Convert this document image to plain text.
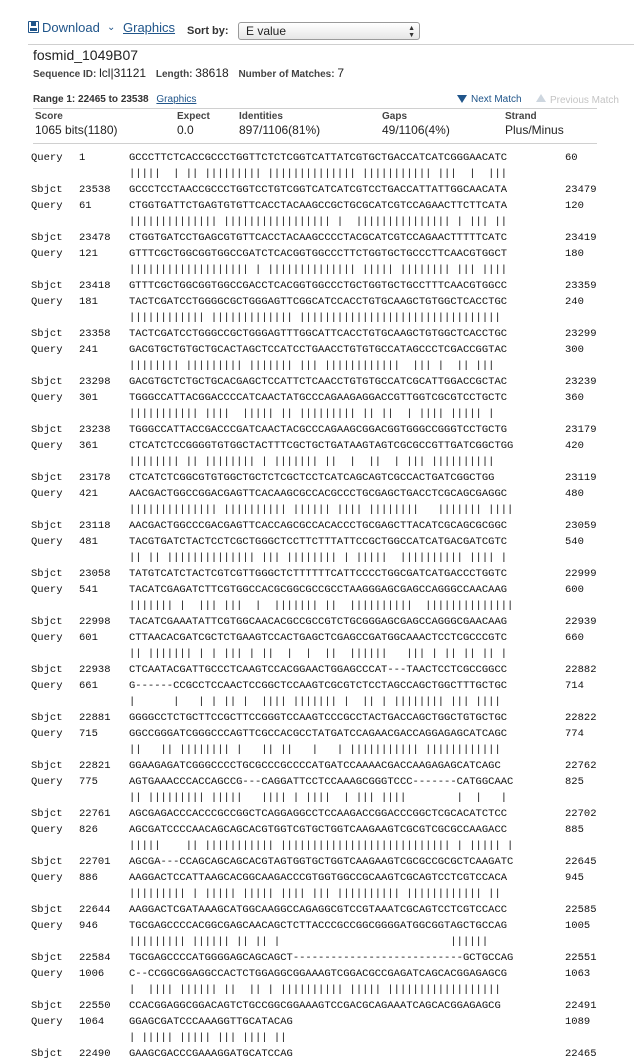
Download ⌄ Graphics Sort by:	E value	▲
▼
fosmid_1049B07
Sequence ID: lcl|31121 Length: 38618 Number of Matches: 7
Range 1: 22465 to 23538 Graphics	Next Match	Previous Match
Score
1065 bits(1180)
Expect
0.0
Identities
897/1106(81%)
Gaps
49/1106(4%)
Strand
Plus/Minus
Query	1	GCCCTTCTCACCGCCCTGGTTCTCTCGGTCATTATCGTGCTGACCATCATCGGGAACATC	60
|||||  | || ||||||||| |||||||||||||| ||||||||||| |||  |  |||
Sbjct	23538	GCCCTCCTAACCGCCCTGGTCCTGTCGGTCATCATCGTCCTGACCATTATTGGCAACATA	23479
Query	61	CTGGTGATTCTGAGTGTGTTCACCTACAAGCCGCTGCGCATCGTCCAGAACTTCTTCATA	120
|||||||||||||| ||||||||||||||||| |  ||||||||||||||| | ||| ||
Sbjct	23478	CTGGTGATCCTGAGCGTGTTCACCTACAAGCCCCTACGCATCGTCCAGAACTTTTTCATC	23419
Query	121	GTTTCGCTGGCGGTGGCCGATCTCACGGTGGCCCTTCTGGTGCTGCCCTTCAACGTGGCT	180
||||||||||||||||||| | |||||||||||||| ||||| |||||||| ||| ||||
Sbjct	23418	GTTTCGCTGGCGGTGGCCGACCTCACGGTGGCCCTGCTGGTGCTGCCTTTCAACGTGGCC	23359
Query	181	TACTCGATCCTGGGGCGCTGGGAGTTCGGCATCCACCTGTGCAAGCTGTGGCTCACCTGC	240
|||||||||||| ||||||||||||| ||||||||||||||||||||||||||||||||
Sbjct	23358	TACTCGATCCTGGGCCGCTGGGAGTTTGGCATTCACCTGTGCAAGCTGTGGCTCACCTGC	23299
Query	241	GACGTGCTGTGCTGCACTAGCTCCATCCTGAACCTGTGTGCCATAGCCCTCGACCGGTAC	300
|||||||| ||||||||| ||||||| ||| ||||||||||||  ||| |  || |||
Sbjct	23298	GACGTGCTCTGCTGCACGAGCTCCATTCTCAACCTGTGTGCCATCGCATTGGACCGCTAC	23239
Query	301	TGGGCCATTACGGACCCCATCAACTATGCCCAGAAGAGGACCGTTGGTCGCGTCCTGCTC	360
||||||||||| ||||  ||||| || ||||||||| || ||  | |||| ||||| |
Sbjct	23238	TGGGCCATTACCGACCCGATCAACTACGCCCAGAAGCGGACGGTGGGCCGGGTCCTGCTG	23179
Query	361	CTCATCTCCGGGGTGTGGCTACTTTCGCTGCTGATAAGTAGTCGCGCCGTTGATCGGCTGG	420
|||||||| || |||||||| | ||||||| ||  |  ||  | ||| ||||||||||
Sbjct	23178	CTCATCTCGGCGTGTGGCTGCTCTCGCTCCTCATCAGCAGTCGCCACTGATCGGCTGG	23119
Query	421	AACGACTGGCCGGACGAGTTCACAAGCGCCACGCCCTGCGAGCTGACCTCGCAGCGAGGC	480
|||||||||||||| |||||||||| |||||| |||| ||||||||   ||||||| ||||
Sbjct	23118	AACGACTGGCCCGACGAGTTCACCAGCGCCACACCCTGCGAGCTTACATCGCAGCGCGGC	23059
Query	481	TACGTGATCTACTCCTCGCTGGGCTCCTTCTTTATTCCGCTGGCCATCATGACGATCGTC	540
|| || |||||||||||||| ||| |||||||| | |||||  |||||||||| |||| |
Sbjct	23058	TATGTCATCTACTCGTCGTTGGGCTCTTTTTTCATTCCCCTGGCGATCATGACCCTGGTC	22999
Query	541	TACATCGAGATCTTCGTGGCCACGCGGCGCCGCCTAAGGGAGCGAGCCAGGGCCAACAAG	600
||||||| |  ||| |||  |  ||||||| ||  ||||||||||  ||||||||||||||
Sbjct	22998	TACATCGAAATATTCGTGGCAACACGCCGCCGTCTGCGGGAGCGAGCCAGGGCGAACAAG	22939
Query	601	CTTAACACGATCGCTCTGAAGTCCACTGAGCTCGAGCCGATGGCAAACTCCTCGCCCGTC	660
|| ||||||| | | ||| | ||  |  |  ||  ||||||   ||| | || || || |
Sbjct	22938	CTCAATACGATTGCCCTCAAGTCCACGGAACTGGAGCCCAT---TAACTCCTCGCCGGCC	22882
Query	661	G------CCGCCTCCAACTCCGGCTCCAAGTCGCGTCTCCTAGCCAGCTGGCTTTGCTGC	714
|      |   | | || |  |||| ||||||| |  || | |||||||| ||| ||||
Sbjct	22881	GGGGCCTCTGCTTCCGCTTCCGGGTCCAAGTCCCGCCTACTGACCAGCTGGCTGTGCTGC	22822
Query	715	GGCCGGGATCGGGCCCAGTTCGCCACGCCTATGATCCAGAACGACCAGGAGAGCATCAGC	774
||   || |||||||| |   || ||   |   | ||||||||||| ||||||||||||
Sbjct	22821	GGAAGAGATCGGGCCCCTGCGCCCGCCCCATGATCCAAAACGACCAAGAGAGCATCAGC	22762
Query	775	AGTGAAACCCACCAGCCG---CAGGATTCCTCCAAAGCGGGTCCC-------CATGGCAAC	825
|| ||||||||| |||||   |||| | ||||  | ||| ||||        |  |   |
Sbjct	22761	AGCGAGACCCACCCGCCGGCTCAGGAGGCCTCCAAGACCGGACCCGGCTCGCACATCTCC	22702
Query	826	AGCGATCCCCAACAGCAGCACGTGGTCGTGCTGGTCAAGAAGTCGCGTCGCGCCAAGACC	885
|||||    || ||||||||||| ||||||||||||||||||||||||||| | ||||| |
Sbjct	22701	AGCGA---CCAGCAGCAGCACGTAGTGGTGCTGGTCAAGAAGTCGCGCCGCGCTCAAGATC	22645
Query	886	AAGGACTCCATTAAGCACGGCAAGACCCGTGGTGGCCGCAAGTCGCAGTCCTCGTCCACA	945
||||||||| | ||||| ||||| |||| ||| |||||||||| |||||||||||| ||
Sbjct	22644	AAGGACTCGATAAAGCATGGCAAGGCCAGAGGCGTCCGTAAATCGCAGTCCTCGTCCACC	22585
Query	946	TGCGAGCCCCACGGCGAGCAACAGCTCTTACCCGCCGGCGGGGATGGCGGTAGCTGCCAG	1005
||||||||| |||||| || || |                           ||||||
Sbjct	22584	TGCGAGCCCCATGGGGAGCAGCAGCT---------------------------GCTGCCAG	22551
Query	1006	C--CCGGCGGAGGCCACTCTGGAGGCGGAAAGTCGGACGCCGAGATCAGCACGGAGAGCG	1063
|  |||| |||||| ||  || | |||||||||| ||||| ||||||||||||||||||
Sbjct	22550	CCACGGAGGCGGACAGTCTGCCGGCGGAAAGTCCGACGCAGAAATCAGCACGGAGAGCG	22491
Query	1064	GGAGCGATCCCAAAGGTTGCATACAG	1089
| ||||| ||||| ||| |||| ||
Sbjct	22490	GAAGCGACCCGAAAGGATGCATCCAG	22465
